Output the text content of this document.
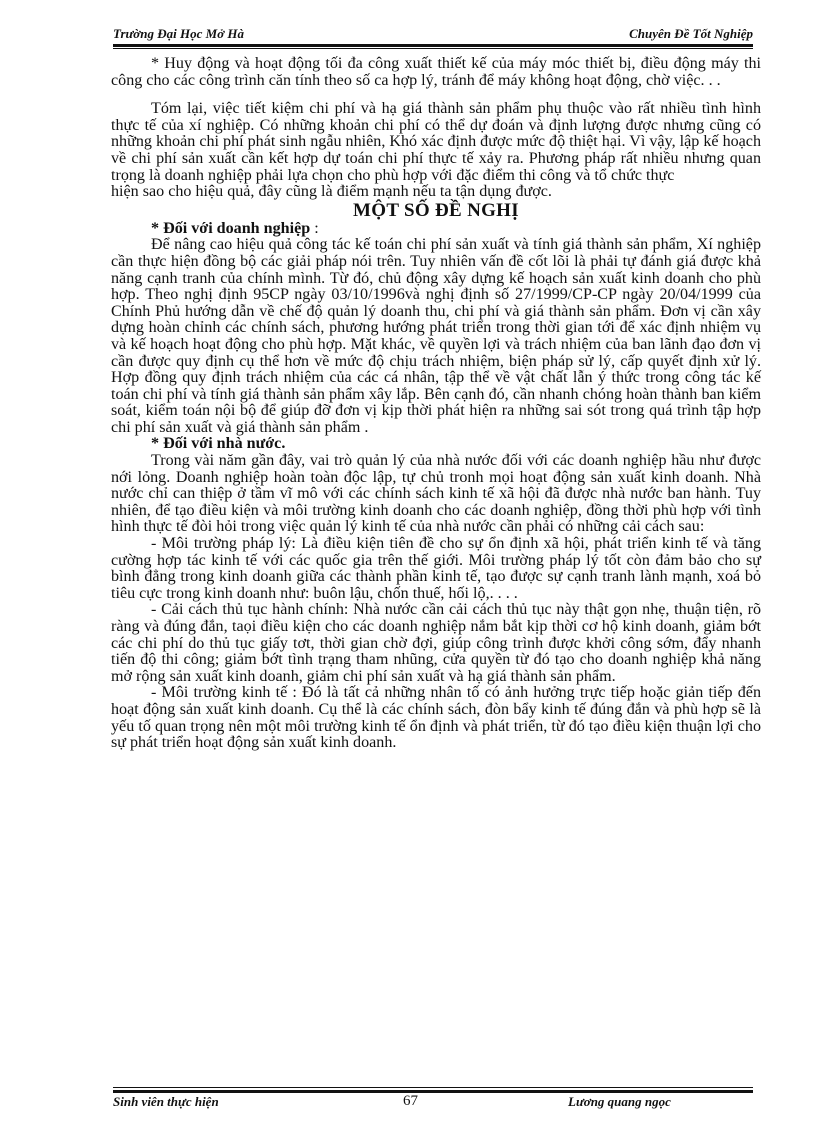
Trường Đại Học Mở Hà	Chuyên Đề Tốt Nghiệp

* Huy động và hoạt động tối đa công xuất thiết kế của máy móc thiết bị, điều động máy thi công cho các công trình căn tính theo số ca hợp lý, tránh để máy không hoạt động, chờ việc. . .

Tóm lại, việc tiết kiệm chi phí và hạ giá thành sản phẩm phụ thuộc vào rất nhiều tình hình thực tế của xí nghiệp. Có những khoản chi phí có thể dự đoán và định lượng được nhưng cũng có những khoản chi phí phát sinh ngẫu nhiên, Khó xác định được mức độ thiệt hại. Vì vậy, lập kế hoạch về chi phí sản xuất cần kết hợp dự toán chi phí thực tế xảy ra. Phương pháp rất nhiều nhưng quan trọng là doanh nghiệp phải lựa chọn cho phù hợp với đặc điểm thi công và tổ chức thực

hiện sao cho hiệu quả, đây cũng là điểm mạnh nếu ta tận dụng được.

MỘT SỐ ĐỀ NGHỊ

* Đối với doanh nghiệp :

Để nâng cao hiệu quả công tác kế toán chi phí sản xuất và tính giá thành sản phẩm, Xí nghiệp cần thực hiện đồng bộ các giải pháp nói trên. Tuy nhiên vấn đề cốt lõi là phải tự đánh giá được khả năng cạnh tranh của chính mình. Từ đó, chủ động xây dựng kế hoạch sản xuất kinh doanh cho phù hợp. Theo nghị định 95CP ngày 03/10/1996và nghị định số 27/1999/CP-CP ngày 20/04/1999 của Chính Phủ hướng dẫn về chế độ quản lý doanh thu, chi phí và giá thành sản phẩm. Đơn vị cần xây dựng hoàn chỉnh các chính sách, phương hướng phát triển trong thời gian tới để xác định nhiệm vụ và kế hoạch hoạt động cho phù hợp. Mặt khác, về quyền lợi và trách nhiệm của ban lãnh đạo đơn vị cần được quy định cụ thể hơn về mức độ chịu trách nhiệm, biện pháp sử lý, cấp quyết định xử lý. Hợp đồng quy định trách nhiệm của các cá nhân, tập thể về vật chất lẫn ý thức trong công tác kế toán chi phí và tính giá thành sản phẩm xây lắp. Bên cạnh đó, cần nhanh chóng hoàn thành ban kiểm soát, kiểm toán nội bộ để giúp đỡ đơn vị kịp thời phát hiện ra những sai sót trong quá trình tập hợp chi phí sản xuất và giá thành sản phẩm .

* Đối với nhà nước.

Trong vài năm gần đây, vai trò quản lý của nhà nước đối với các doanh nghiệp hầu như được nới lỏng. Doanh nghiệp hoàn toàn độc lập, tự chủ tronh mọi hoạt động sản xuất kinh doanh. Nhà nước chỉ can thiệp ở tầm vĩ mô với các chính sách kinh tế xã hội đã được nhà nước ban hành. Tuy nhiên, để tạo điều kiện và môi trường kinh doanh cho các doanh nghiệp, đồng thời phù hợp với tình hình thực tế đòi hỏi trong việc quản lý kinh tế của nhà nước cần phải có những cải cách sau:

- Môi trường pháp lý: Là điều kiện tiên đề cho sự ổn định xã hội, phát triển kinh tế và tăng cường hợp tác kinh tế với các quốc gia trên thế giới. Môi trường pháp lý tốt còn đảm bảo cho sự bình đẳng trong kinh doanh giữa các thành phần kinh tế, tạo được sự cạnh tranh lành mạnh, xoá bỏ tiêu cực trong kinh doanh như: buôn lậu, chốn thuế, hối lộ,. . . .

- Cải cách thủ tục hành chính: Nhà nước cần cải cách thủ tục này thật gọn nhẹ, thuận tiện, rõ ràng và đúng đắn, taọi điều kiện cho các doanh nghiệp nắm bắt kịp thời cơ hộ kinh doanh, giảm bớt các chi phí do thủ tục giấy tơt, thời gian chờ đợi, giúp công trình được khởi công sớm, đẩy nhanh tiến độ thi công; giảm bớt tình trạng tham nhũng, cửa quyền từ đó tạo cho doanh nghiệp khả năng mở rộng sản xuất kinh doanh, giảm chi phí sản xuất và hạ giá thành sản phẩm.

- Môi trường kinh tế : Đó là tất cả những nhân tố có ảnh hưởng trực tiếp hoặc giản tiếp đến hoạt động sản xuất kinh doanh. Cụ thể là các chính sách, đòn bẩy kinh tế đúng đắn và phù hợp sẽ là yếu tố quan trọng nên một môi trường kinh tế ổn định và phát triển, từ đó tạo điều kiện thuận lợi cho sự phát triển hoạt động sản xuất kinh doanh.

Sinh viên thực hiện	67	Lương quang ngọc
